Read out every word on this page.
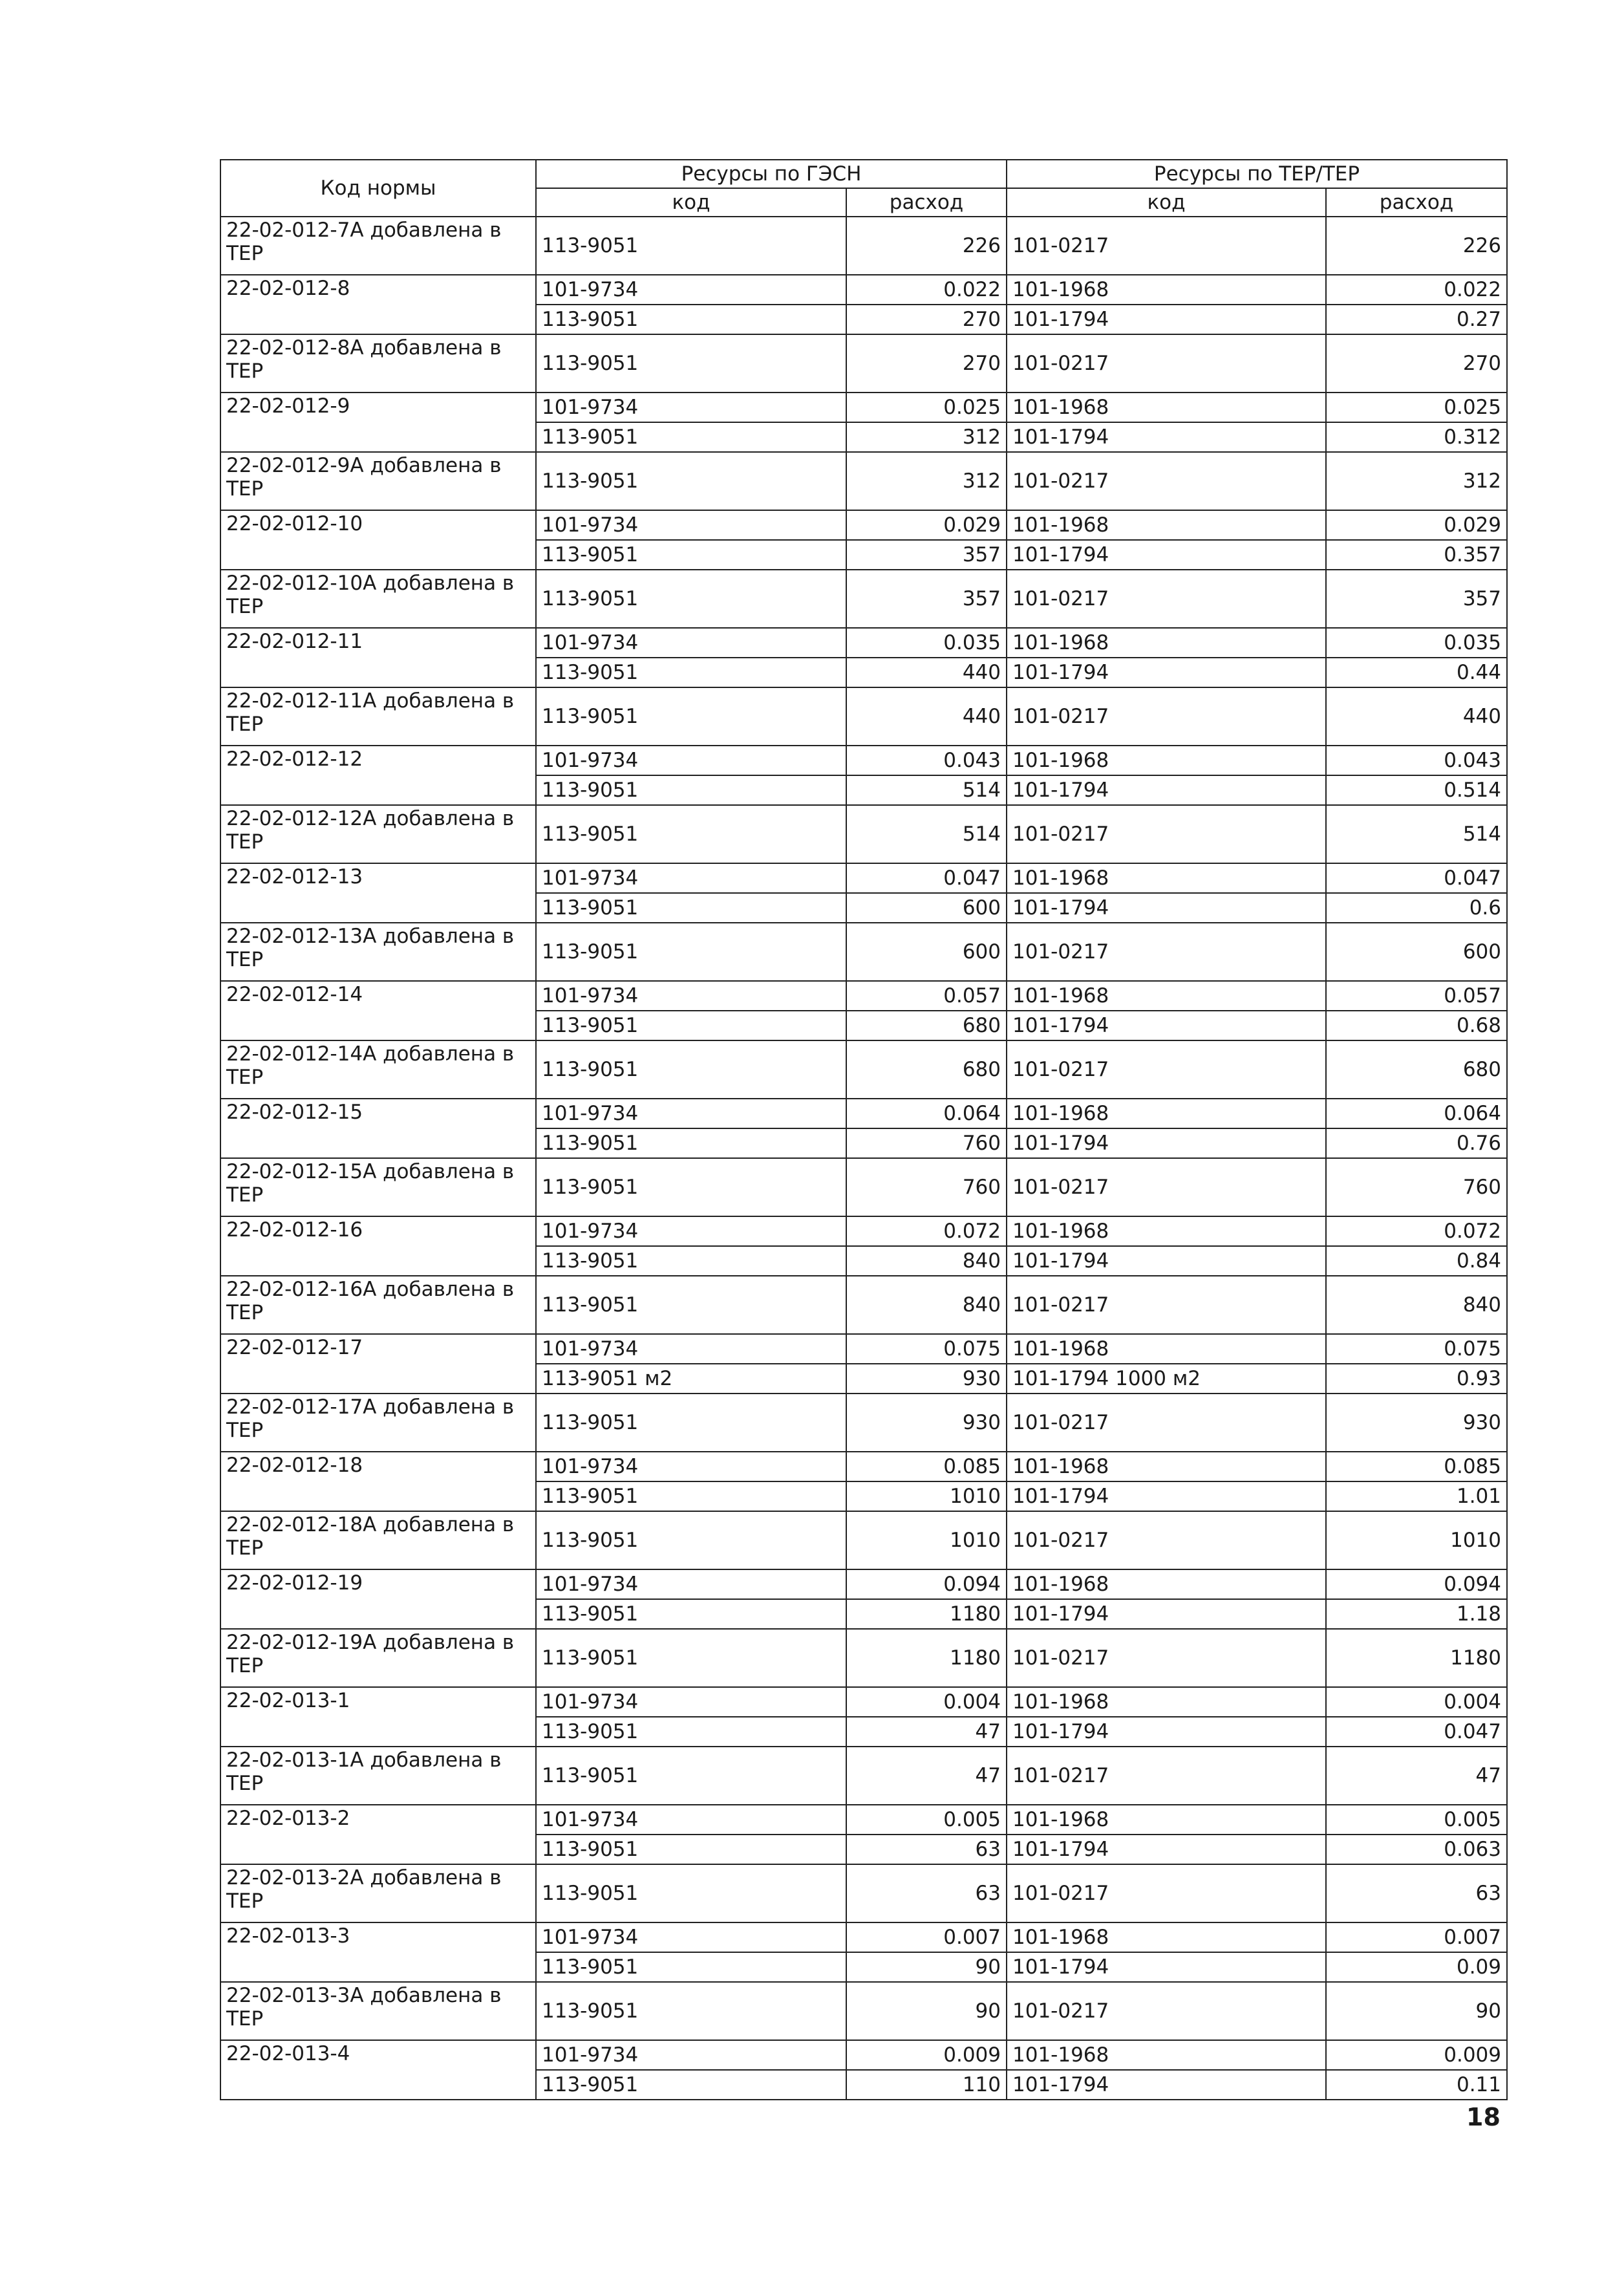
Код нормы	Ресурсы по ГЭСН		Ресурсы по ТЕР/ТЕР	
	код	расход	код	расход
22-02-012-7А добавлена в ТЕР	113-9051	226	101-0217	226
22-02-012-8	101-9734	0.022	101-1968	0.022
	113-9051	270	101-1794	0.27
22-02-012-8А добавлена в ТЕР	113-9051	270	101-0217	270
22-02-012-9	101-9734	0.025	101-1968	0.025
	113-9051	312	101-1794	0.312
22-02-012-9А добавлена в ТЕР	113-9051	312	101-0217	312
22-02-012-10	101-9734	0.029	101-1968	0.029
	113-9051	357	101-1794	0.357
22-02-012-10А добавлена в ТЕР	113-9051	357	101-0217	357
22-02-012-11	101-9734	0.035	101-1968	0.035
	113-9051	440	101-1794	0.44
22-02-012-11А добавлена в ТЕР	113-9051	440	101-0217	440
22-02-012-12	101-9734	0.043	101-1968	0.043
	113-9051	514	101-1794	0.514
22-02-012-12А добавлена в ТЕР	113-9051	514	101-0217	514
22-02-012-13	101-9734	0.047	101-1968	0.047
	113-9051	600	101-1794	0.6
22-02-012-13А добавлена в ТЕР	113-9051	600	101-0217	600
22-02-012-14	101-9734	0.057	101-1968	0.057
	113-9051	680	101-1794	0.68
22-02-012-14А добавлена в ТЕР	113-9051	680	101-0217	680
22-02-012-15	101-9734	0.064	101-1968	0.064
	113-9051	760	101-1794	0.76
22-02-012-15А добавлена в ТЕР	113-9051	760	101-0217	760
22-02-012-16	101-9734	0.072	101-1968	0.072
	113-9051	840	101-1794	0.84
22-02-012-16А добавлена в ТЕР	113-9051	840	101-0217	840
22-02-012-17	101-9734	0.075	101-1968	0.075
	113-9051 м2	930	101-1794 1000 м2	0.93
22-02-012-17А добавлена в ТЕР	113-9051	930	101-0217	930
22-02-012-18	101-9734	0.085	101-1968	0.085
	113-9051	1010	101-1794	1.01
22-02-012-18А добавлена в ТЕР	113-9051	1010	101-0217	1010
22-02-012-19	101-9734	0.094	101-1968	0.094
	113-9051	1180	101-1794	1.18
22-02-012-19А добавлена в ТЕР	113-9051	1180	101-0217	1180
22-02-013-1	101-9734	0.004	101-1968	0.004
	113-9051	47	101-1794	0.047
22-02-013-1А добавлена в ТЕР	113-9051	47	101-0217	47
22-02-013-2	101-9734	0.005	101-1968	0.005
	113-9051	63	101-1794	0.063
22-02-013-2А добавлена в ТЕР	113-9051	63	101-0217	63
22-02-013-3	101-9734	0.007	101-1968	0.007
	113-9051	90	101-1794	0.09
22-02-013-3А добавлена в ТЕР	113-9051	90	101-0217	90
22-02-013-4	101-9734	0.009	101-1968	0.009
	113-9051	110	101-1794	0.11
18
